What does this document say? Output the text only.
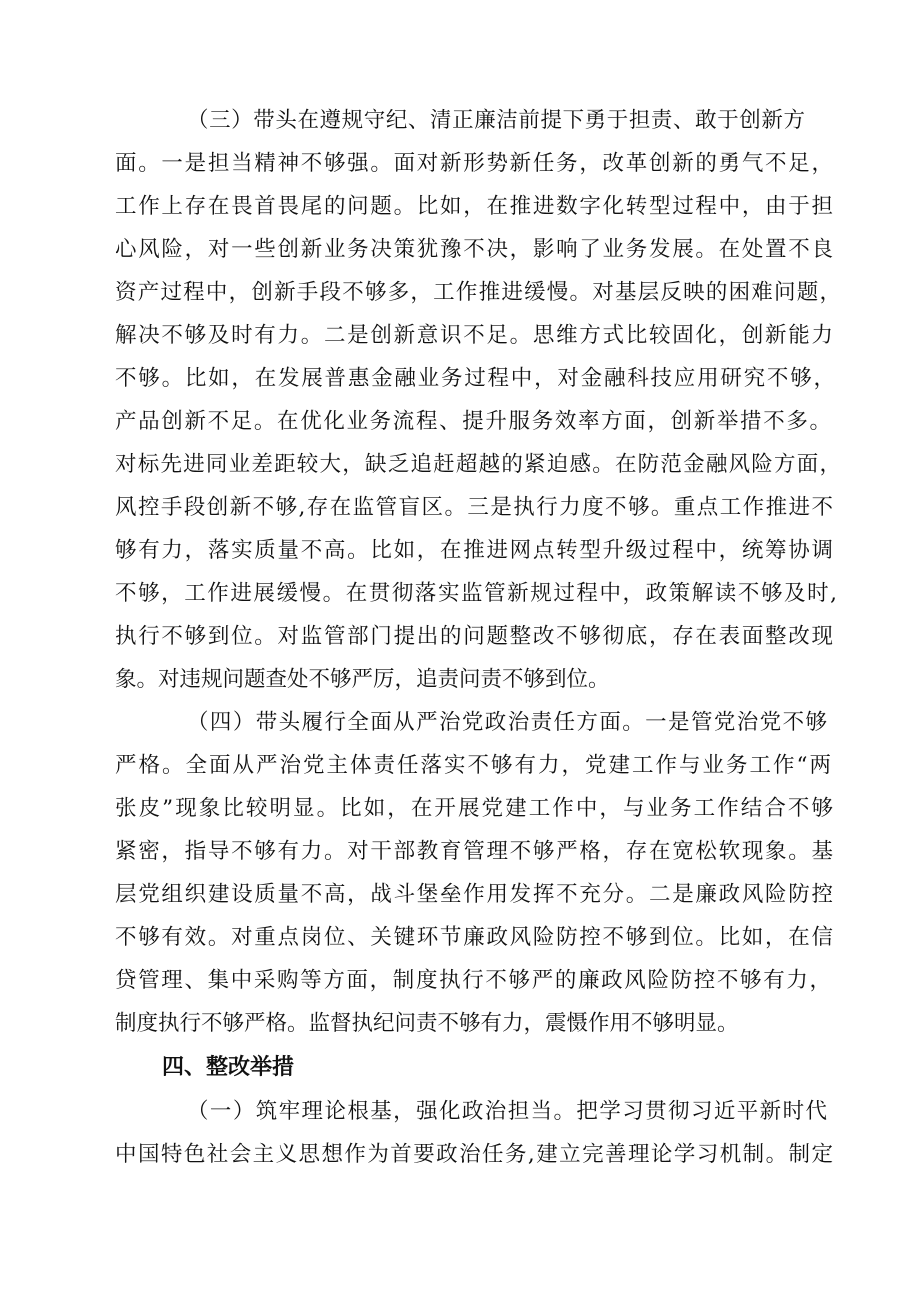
（三）带头在遵规守纪、清正廉洁前提下勇于担责、敢于创新方
面。一是担当精神不够强。面对新形势新任务，改革创新的勇气不足，
工作上存在畏首畏尾的问题。比如，在推进数字化转型过程中，由于担
心风险，对一些创新业务决策犹豫不决，影响了业务发展。在处置不良
资产过程中，创新手段不够多，工作推进缓慢。对基层反映的困难问题，
解决不够及时有力。二是创新意识不足。思维方式比较固化，创新能力
不够。比如，在发展普惠金融业务过程中，对金融科技应用研究不够，
产品创新不足。在优化业务流程、提升服务效率方面，创新举措不多。
对标先进同业差距较大，缺乏追赶超越的紧迫感。在防范金融风险方面，
风控手段创新不够,存在监管盲区。三是执行力度不够。重点工作推进不
够有力，落实质量不高。比如，在推进网点转型升级过程中，统筹协调
不够，工作进展缓慢。在贯彻落实监管新规过程中，政策解读不够及时,
执行不够到位。对监管部门提出的问题整改不够彻底，存在表面整改现
象。对违规问题查处不够严厉，追责问责不够到位。
（四）带头履行全面从严治党政治责任方面。一是管党治党不够
严格。全面从严治党主体责任落实不够有力，党建工作与业务工作“两
张皮”现象比较明显。比如，在开展党建工作中，与业务工作结合不够
紧密，指导不够有力。对干部教育管理不够严格，存在宽松软现象。基
层党组织建设质量不高，战斗堡垒作用发挥不充分。二是廉政风险防控
不够有效。对重点岗位、关键环节廉政风险防控不够到位。比如，在信
贷管理、集中采购等方面，制度执行不够严的廉政风险防控不够有力，
制度执行不够严格。监督执纪问责不够有力，震慑作用不够明显。
四、整改举措
（一）筑牢理论根基，强化政治担当。把学习贯彻习近平新时代
中国特色社会主义思想作为首要政治任务,建立完善理论学习机制。制定
